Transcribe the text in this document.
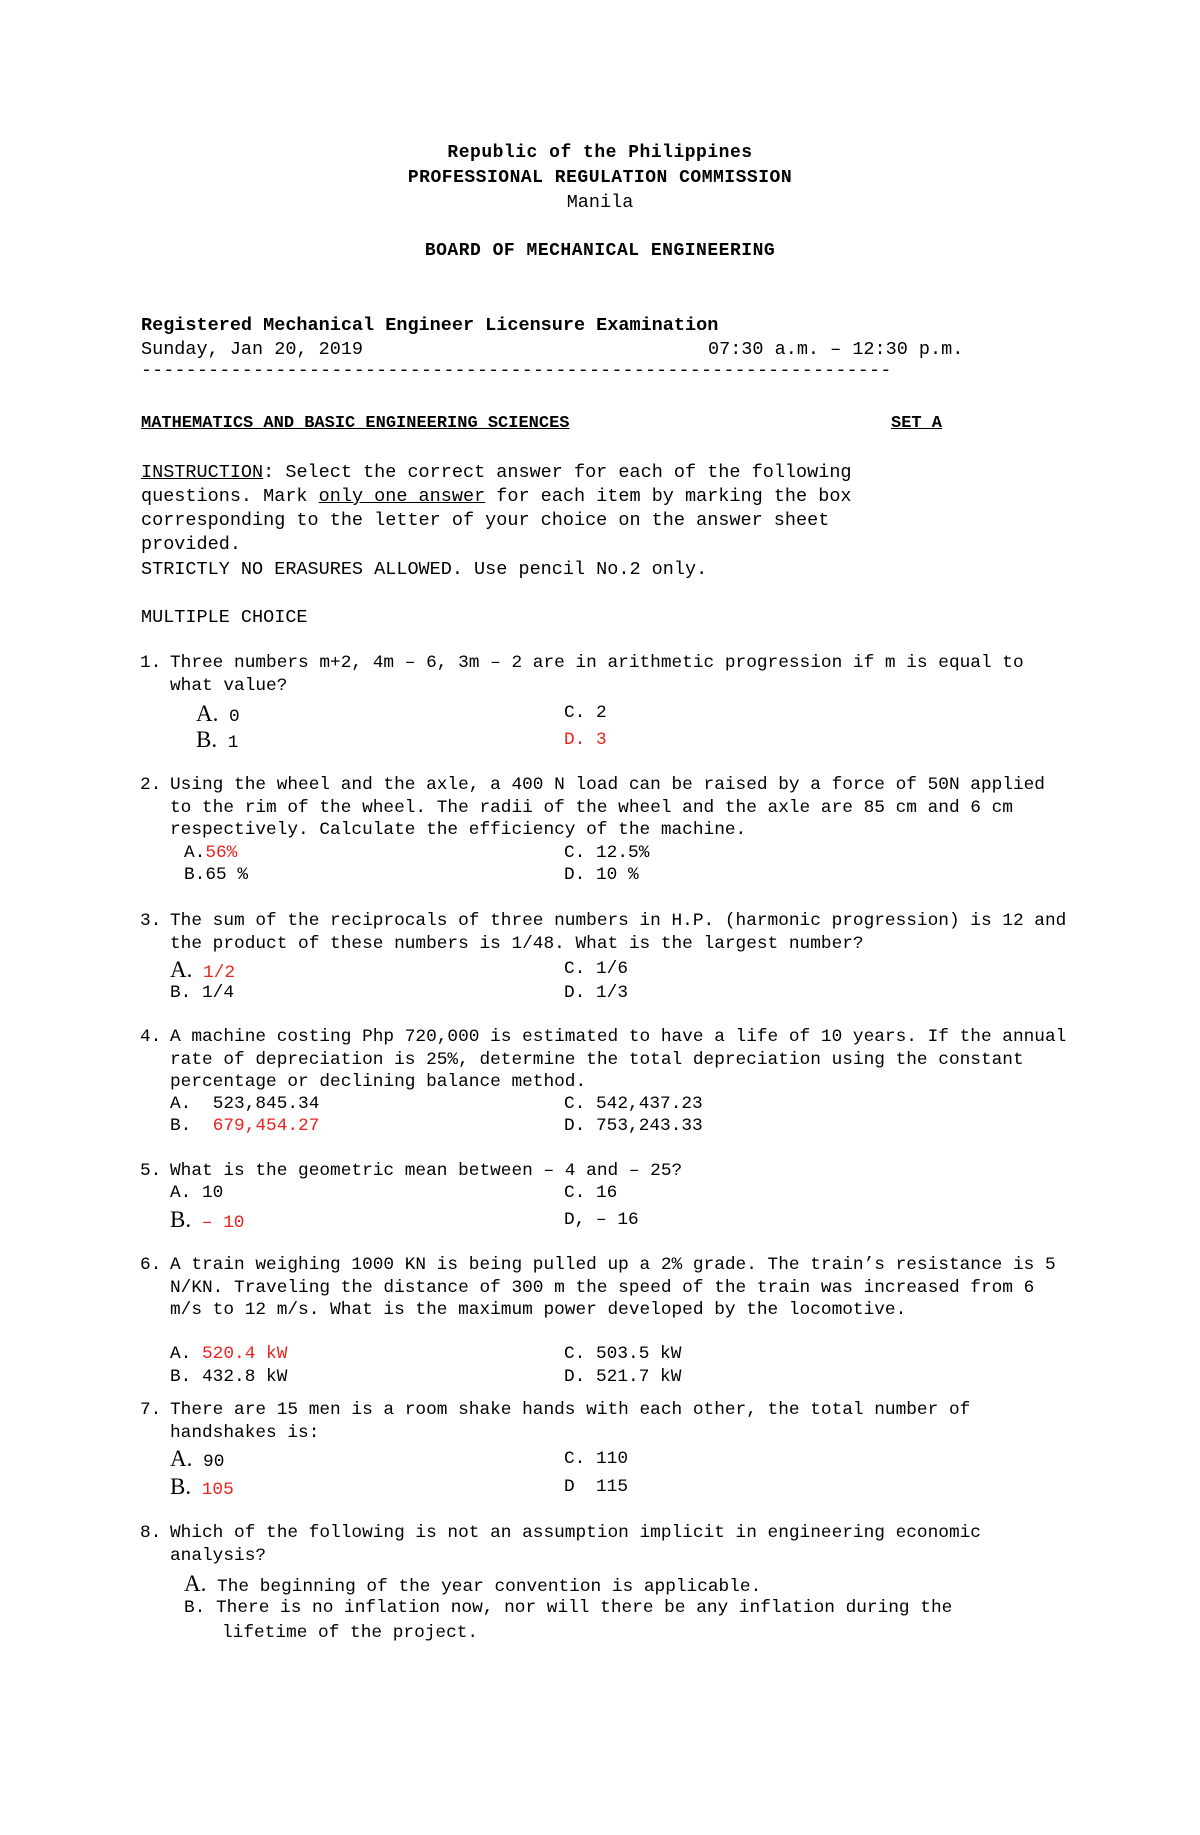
Republic of the Philippines
PROFESSIONAL REGULATION COMMISSION
Manila
BOARD OF MECHANICAL ENGINEERING
Registered Mechanical Engineer Licensure Examination
Sunday, Jan 20, 2019	07:30 a.m. – 12:30 p.m.
-------------------------------------------------------------------
MATHEMATICS AND BASIC ENGINEERING SCIENCES	SET A
INSTRUCTION: Select the correct answer for each of the following
questions. Mark only one answer for each item by marking the box
corresponding to the letter of your choice on the answer sheet
provided.
STRICTLY NO ERASURES ALLOWED. Use pencil No.2 only.
MULTIPLE CHOICE
1. Three numbers m+2, 4m – 6, 3m – 2 are in arithmetic progression if m is equal to what value?
A. 0
B. 1
C. 2
D. 3
2. Using the wheel and the axle, a 400 N load can be raised by a force of 50N applied to the rim of the wheel. The radii of the wheel and the axle are 85 cm and 6 cm respectively. Calculate the efficiency of the machine.
A.56%
B.65 %
C. 12.5%
D. 10 %
3. The sum of the reciprocals of three numbers in H.P. (harmonic progression) is 12 and the product of these numbers is 1/48. What is the largest number?
A. 1/2
B. 1/4
C. 1/6
D. 1/3
4. A machine costing Php 720,000 is estimated to have a life of 10 years. If the annual rate of depreciation is 25%, determine the total depreciation using the constant percentage or declining balance method.
A. 523,845.34
B. 679,454.27
C. 542,437.23
D. 753,243.33
5. What is the geometric mean between – 4 and – 25?
A. 10
B. – 10
C. 16
D, – 16
6. A train weighing 1000 KN is being pulled up a 2% grade. The train’s resistance is 5 N/KN. Traveling the distance of 300 m the speed of the train was increased from 6 m/s to 12 m/s. What is the maximum power developed by the locomotive.
A. 520.4 kW
B. 432.8 kW
C. 503.5 kW
D. 521.7 kW
7. There are 15 men is a room shake hands with each other, the total number of handshakes is:
A. 90
B. 105
C. 110
D 115
8. Which of the following is not an assumption implicit in engineering economic analysis?
A. The beginning of the year convention is applicable.
B. There is no inflation now, nor will there be any inflation during the
lifetime of the project.
